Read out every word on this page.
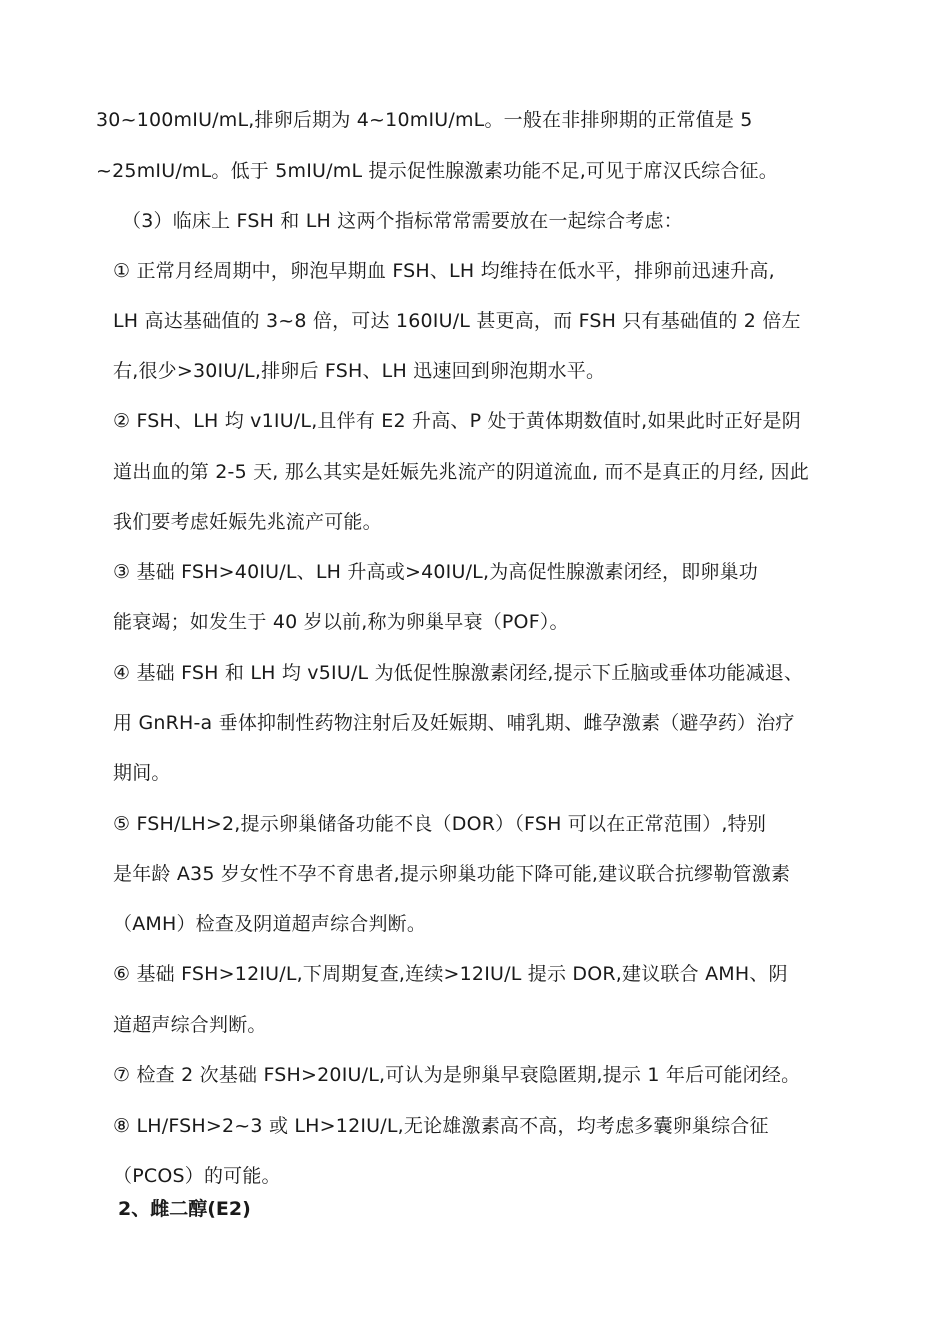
30~100mIU/mL,排卵后期为 4~10mIU/mL。一般在非排卵期的正常值是 5
~25mIU/mL。低于 5mIU/mL 提示促性腺激素功能不足,可见于席汉氏综合征。
（3）临床上 FSH 和 LH 这两个指标常常需要放在一起综合考虑：
① 正常月经周期中，卵泡早期血 FSH、LH 均维持在低水平，排卵前迅速升高,
LH 高达基础值的 3~8 倍，可达 160IU/L 甚更高，而 FSH 只有基础值的 2 倍左
右,很少>30IU/L,排卵后 FSH、LH 迅速回到卵泡期水平。
② FSH、LH 均 v1IU/L,且伴有 E2 升高、P 处于黄体期数值时,如果此时正好是阴
道出血的第 2-5 天, 那么其实是妊娠先兆流产的阴道流血, 而不是真正的月经, 因此
我们要考虑妊娠先兆流产可能。
③ 基础 FSH>40IU/L、LH 升高或>40IU/L,为高促性腺激素闭经，即卵巢功
能衰竭；如发生于 40 岁以前,称为卵巢早衰（POF）。
④ 基础 FSH 和 LH 均 v5IU/L 为低促性腺激素闭经,提示下丘脑或垂体功能减退、
用 GnRH-a 垂体抑制性药物注射后及妊娠期、哺乳期、雌孕激素（避孕药）治疗
期间。
⑤ FSH/LH>2,提示卵巢储备功能不良（DOR）（FSH 可以在正常范围）,特别
是年龄 A35 岁女性不孕不育患者,提示卵巢功能下降可能,建议联合抗缪勒管激素
（AMH）检查及阴道超声综合判断。
⑥ 基础 FSH>12IU/L,下周期复查,连续>12IU/L 提示 DOR,建议联合 AMH、阴
道超声综合判断。
⑦ 检查 2 次基础 FSH>20IU/L,可认为是卵巢早衰隐匿期,提示 1 年后可能闭经。
⑧ LH/FSH>2~3 或 LH>12IU/L,无论雄激素高不高，均考虑多囊卵巢综合征
（PCOS）的可能。
2、雌二醇(E2)
